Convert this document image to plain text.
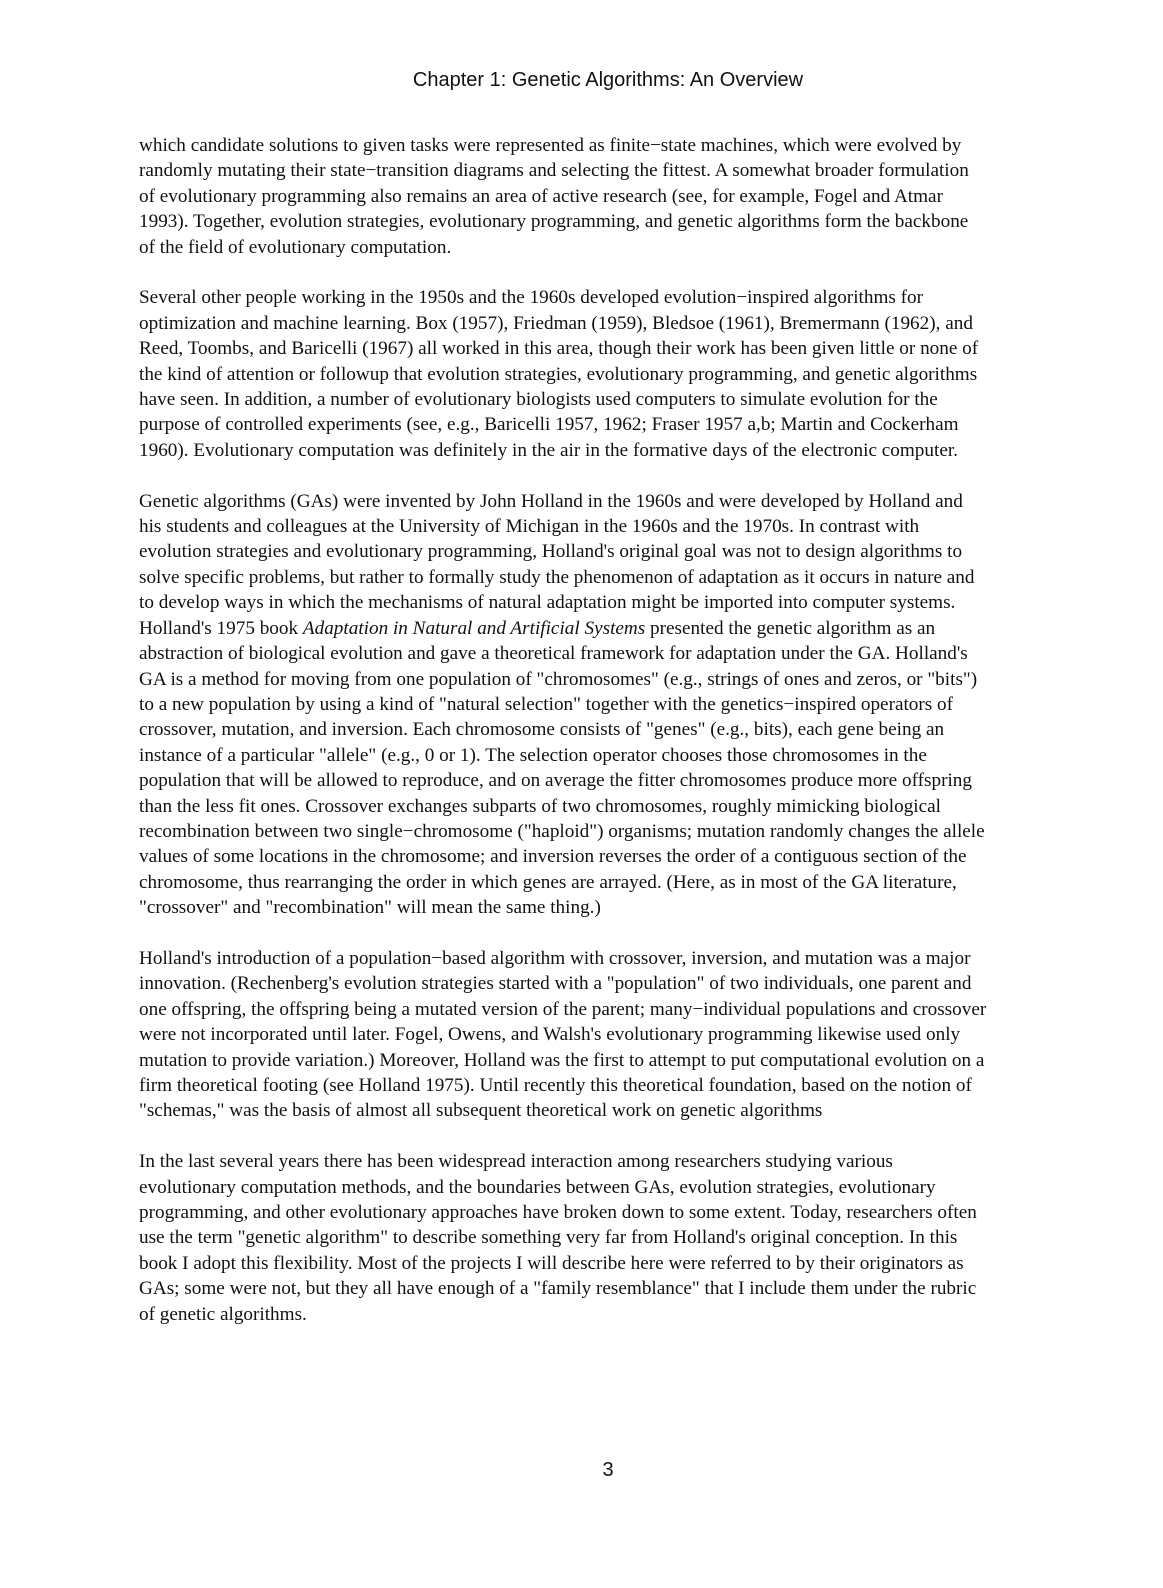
Chapter 1: Genetic Algorithms: An Overview

which candidate solutions to given tasks were represented as finite−state machines, which were evolved by
randomly mutating their state−transition diagrams and selecting the fittest. A somewhat broader formulation
of evolutionary programming also remains an area of active research (see, for example, Fogel and Atmar
1993). Together, evolution strategies, evolutionary programming, and genetic algorithms form the backbone
of the field of evolutionary computation.

Several other people working in the 1950s and the 1960s developed evolution−inspired algorithms for
optimization and machine learning. Box (1957), Friedman (1959), Bledsoe (1961), Bremermann (1962), and
Reed, Toombs, and Baricelli (1967) all worked in this area, though their work has been given little or none of
the kind of attention or followup that evolution strategies, evolutionary programming, and genetic algorithms
have seen. In addition, a number of evolutionary biologists used computers to simulate evolution for the
purpose of controlled experiments (see, e.g., Baricelli 1957, 1962; Fraser 1957 a,b; Martin and Cockerham
1960). Evolutionary computation was definitely in the air in the formative days of the electronic computer.

Genetic algorithms (GAs) were invented by John Holland in the 1960s and were developed by Holland and
his students and colleagues at the University of Michigan in the 1960s and the 1970s. In contrast with
evolution strategies and evolutionary programming, Holland's original goal was not to design algorithms to
solve specific problems, but rather to formally study the phenomenon of adaptation as it occurs in nature and
to develop ways in which the mechanisms of natural adaptation might be imported into computer systems.
Holland's 1975 book Adaptation in Natural and Artificial Systems presented the genetic algorithm as an
abstraction of biological evolution and gave a theoretical framework for adaptation under the GA. Holland's
GA is a method for moving from one population of "chromosomes" (e.g., strings of ones and zeros, or "bits")
to a new population by using a kind of "natural selection" together with the genetics−inspired operators of
crossover, mutation, and inversion. Each chromosome consists of "genes" (e.g., bits), each gene being an
instance of a particular "allele" (e.g., 0 or 1). The selection operator chooses those chromosomes in the
population that will be allowed to reproduce, and on average the fitter chromosomes produce more offspring
than the less fit ones. Crossover exchanges subparts of two chromosomes, roughly mimicking biological
recombination between two single−chromosome ("haploid") organisms; mutation randomly changes the allele
values of some locations in the chromosome; and inversion reverses the order of a contiguous section of the
chromosome, thus rearranging the order in which genes are arrayed. (Here, as in most of the GA literature,
"crossover" and "recombination" will mean the same thing.)

Holland's introduction of a population−based algorithm with crossover, inversion, and mutation was a major
innovation. (Rechenberg's evolution strategies started with a "population" of two individuals, one parent and
one offspring, the offspring being a mutated version of the parent; many−individual populations and crossover
were not incorporated until later. Fogel, Owens, and Walsh's evolutionary programming likewise used only
mutation to provide variation.) Moreover, Holland was the first to attempt to put computational evolution on a
firm theoretical footing (see Holland 1975). Until recently this theoretical foundation, based on the notion of
"schemas," was the basis of almost all subsequent theoretical work on genetic algorithms

In the last several years there has been widespread interaction among researchers studying various
evolutionary computation methods, and the boundaries between GAs, evolution strategies, evolutionary
programming, and other evolutionary approaches have broken down to some extent. Today, researchers often
use the term "genetic algorithm" to describe something very far from Holland's original conception. In this
book I adopt this flexibility. Most of the projects I will describe here were referred to by their originators as
GAs; some were not, but they all have enough of a "family resemblance" that I include them under the rubric
of genetic algorithms.

3
